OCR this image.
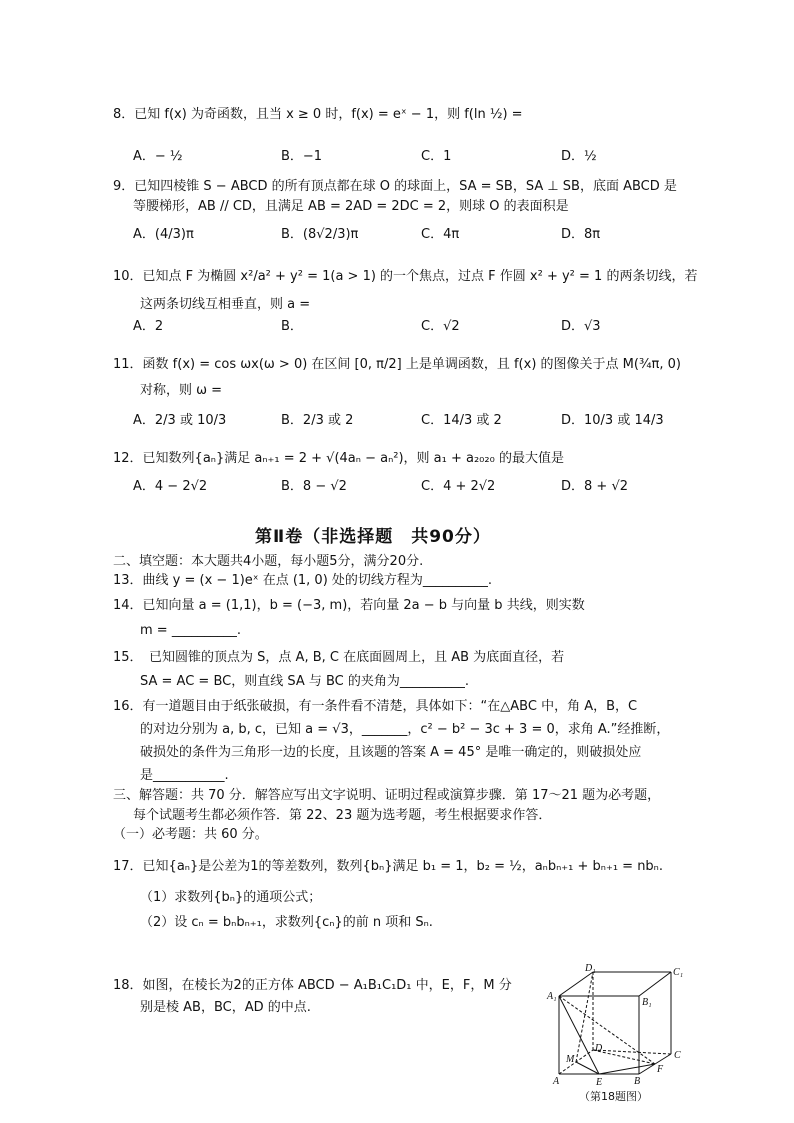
8．已知 f(x) 为奇函数，且当 x ≥ 0 时，f(x) = eˣ − 1，则 f(ln ½) =
A．− ½	B．−1	C．1	D．½
9．已知四棱锥 S − ABCD 的所有顶点都在球 O 的球面上，SA = SB，SA ⊥ SB，底面 ABCD 是
等腰梯形，AB // CD，且满足 AB = 2AD = 2DC = 2，则球 O 的表面积是
A．(4/3)π	B．(8√2/3)π	C．4π	D．8π
10．已知点 F 为椭圆 x²/a² + y² = 1(a > 1) 的一个焦点，过点 F 作圆 x² + y² = 1 的两条切线，若
这两条切线互相垂直，则 a =
A．2	B．	C．√2	D．√3
11．函数 f(x) = cos ωx(ω > 0) 在区间 [0, π/2] 上是单调函数，且 f(x) 的图像关于点 M(¾π, 0)
对称，则 ω =
A．2/3 或 10/3	B．2/3 或 2	C．14/3 或 2	D．10/3 或 14/3
12．已知数列{aₙ}满足 aₙ₊₁ = 2 + √(4aₙ − aₙ²)，则 a₁ + a₂₀₂₀ 的最大值是
A．4 − 2√2	B．8 − √2	C．4 + 2√2	D．8 + √2
第Ⅱ卷（非选择题　共90分）
二、填空题：本大题共4小题，每小题5分，满分20分.
13．曲线 y = (x − 1)eˣ 在点 (1, 0) 处的切线方程为__________.
14．已知向量 a = (1,1)，b = (−3, m)，若向量 2a − b 与向量 b 共线，则实数
m = __________.
15．　已知圆锥的顶点为 S，点 A, B, C 在底面圆周上，且 AB 为底面直径，若
SA = AC = BC，则直线 SA 与 BC 的夹角为__________.
16．有一道题目由于纸张破损，有一条件看不清楚，具体如下：“在△ABC 中，角 A，B，C
的对边分别为 a, b, c，已知 a = √3，_______，c² − b² − 3c + 3 = 0，求角 A.”经推断，
破损处的条件为三角形一边的长度，且该题的答案 A = 45° 是唯一确定的，则破损处应
是___________.
三、解答题：共 70 分．解答应写出文字说明、证明过程或演算步骤．第 17～21 题为必考题，
每个试题考生都必须作答．第 22、23 题为选考题，考生根据要求作答．
（一）必考题：共 60 分。
17．已知{aₙ}是公差为1的等差数列，数列{bₙ}满足 b₁ = 1，b₂ = ½，aₙbₙ₊₁ + bₙ₊₁ = nbₙ.
（1）求数列{bₙ}的通项公式；
（2）设 cₙ = bₙbₙ₊₁，求数列{cₙ}的前 n 项和 Sₙ.
18．如图，在棱长为2的正方体 ABCD − A₁B₁C₁D₁ 中，E，F，M 分
别是棱 AB，BC，AD 的中点.
D₁	C₁
A₁
B₁
D
C
M
F
A	E	B
（第18题图）
